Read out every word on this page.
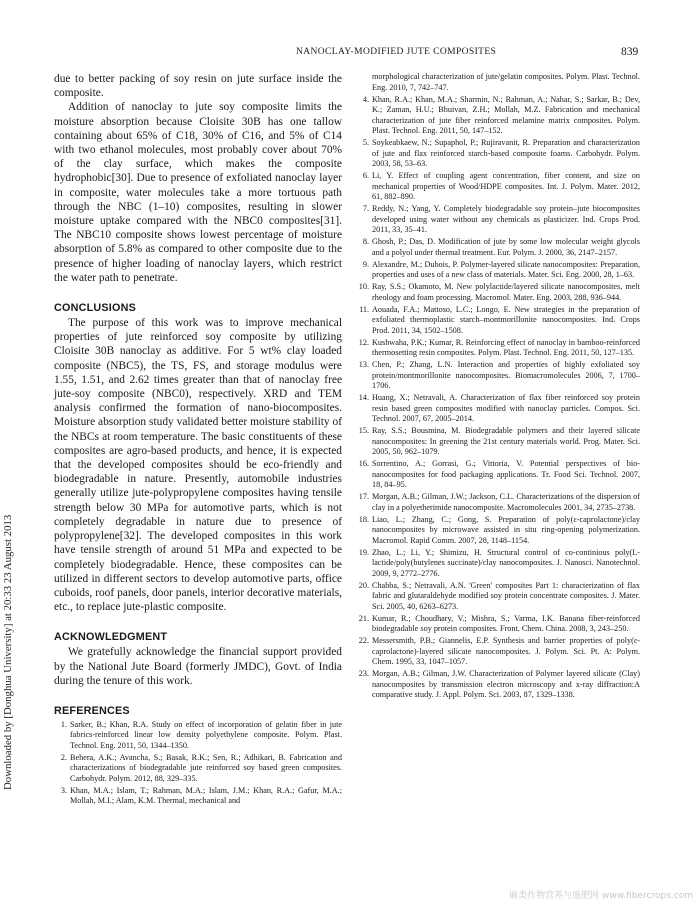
NANOCLAY-MODIFIED JUTE COMPOSITES	839
Downloaded by [Donghua University] at 20:33 23 August 2013

due to better packing of soy resin on jute surface inside the composite.

Addition of nanoclay to jute soy composite limits the moisture absorption because Cloisite 30B has one tallow containing about 65% of C18, 30% of C16, and 5% of C14 with two ethanol molecules, most probably cover about 70% of the clay surface, which makes the composite hydrophobic[30]. Due to presence of exfoliated nanoclay layer in composite, water molecules take a more tortuous path through the NBC (1–10) composites, resulting in slower moisture uptake compared with the NBC0 composites[31]. The NBC10 composite shows lowest percentage of moisture absorption of 5.8% as compared to other composite due to the presence of higher loading of nanoclay layers, which restrict the water path to penetrate.

CONCLUSIONS

The purpose of this work was to improve mechanical properties of jute reinforced soy composite by utilizing Cloisite 30B nanoclay as additive. For 5 wt% clay loaded composite (NBC5), the TS, FS, and storage modulus were 1.55, 1.51, and 2.62 times greater than that of nanoclay free jute-soy composite (NBC0), respectively. XRD and TEM analysis confirmed the formation of nano-biocomposites. Moisture absorption study validated better moisture stability of the NBCs at room temperature. The basic constituents of these composites are agro-based products, and hence, it is expected that the developed composites should be eco-friendly and biodegradable in nature. Presently, automobile industries generally utilize jute-polypropylene composites having tensile strength below 30 MPa for automotive parts, which is not completely degradable in nature due to presence of polypropylene[32]. The developed composites in this work have tensile strength of around 51 MPa and expected to be completely biodegradable. Hence, these composites can be utilized in different sectors to develop automotive parts, office cuboids, roof panels, door panels, interior decorative materials, etc., to replace jute-plastic composite.

ACKNOWLEDGMENT

We gratefully acknowledge the financial support provided by the National Jute Board (formerly JMDC), Govt. of India during the tenure of this work.

REFERENCES
1. Sarker, B.; Khan, R.A. Study on effect of incorporation of gelatin fiber in jute fabrics-reinforced linear low density polyethylene composite. Polym. Plast. Technol. Eng. 2011, 50, 1344–1350.
2. Behera, A.K.; Avancha, S.; Basak, R.K.; Sen, R.; Adhikari, B. Fabrication and characterizations of biodegradable jute reinforced soy based green composites. Carbohydr. Polym. 2012, 88, 329–335.
3. Khan, M.A.; Islam, T.; Rahman, M.A.; Islam, J.M.; Khan, R.A.; Gafur, M.A.; Mollah, M.I.; Alam, K.M. Thermal, mechanical and

morphological characterization of jute/gelatin composites. Polym. Plast. Technol. Eng. 2010, 7, 742–747.

4. Khan, R.A.; Khan, M.A.; Sharmin, N.; Rahman, A.; Nahar, S.; Sarkar, B.; Dev, K.; Zaman, H.U.; Bhuivan, Z.H.; Mollah, M.Z. Fabrication and mechanical characterization of jute fiber reinforced melamine matrix composites. Polym. Plast. Technol. Eng. 2011, 50, 147–152.
5. Soykeabkaew, N.; Supaphol, P.; Rujiravanit, R. Preparation and characterization of jute and flax reinforced starch-based composite foams. Carbohydr. Polym. 2003, 58, 53–63.
6. Li, Y. Effect of coupling agent concentration, fiber content, and size on mechanical properties of Wood/HDPE composites. Int. J. Polym. Mater. 2012, 61, 882–890.
7. Reddy, N.; Yang, Y. Completely biodegradable soy protein–jute biocomposites developed using water without any chemicals as plasticizer. Ind. Crops Prod. 2011, 33, 35–41.
8. Ghosh, P.; Das, D. Modification of jute by some low molecular weight glycols and a polyol under thermal treatment. Eur. Polym. J. 2000, 36, 2147–2157.
9. Alexandre, M.; Dubois, P. Polymer-layered silicate nanocomposites: Preparation, properties and uses of a new class of materials. Mater. Sci. Eng. 2000, 28, 1–63.
10. Ray, S.S.; Okamoto, M. New polylactide/layered silicate nanocomposites, melt rheology and foam processing. Macromol. Mater. Eng. 2003, 288, 936–944.
11. Aouada, F.A.; Mattoso, L.C.; Longo, E. New strategies in the preparation of exfoliated thermoplastic starch–montmorillonite nanocomposites. Ind. Crops Prod. 2011, 34, 1502–1508.
12. Kushwaha, P.K.; Kumar, R. Reinforcing effect of nanoclay in bamboo-reinforced thermosetting resin composites. Polym. Plast. Technol. Eng. 2011, 50, 127–135.
13. Chen, P.; Zhang, L.N. Interaction and properties of highly exfoliated soy protein/montmorillonite nanocomposites. Biomacromolecules 2006, 7, 1700–1706.
14. Huang, X.; Netravali, A. Characterization of flax fiber reinforced soy protein resin based green composites modified with nanoclay particles. Compos. Sci. Technol. 2007, 67, 2005–2014.
15. Ray, S.S.; Bousmina, M. Biodegradable polymers and their layered silicate nanocomposites: In greening the 21st century materials world. Prog. Mater. Sci. 2005, 50, 962–1079.
16. Sorrentino, A.; Gorrasi, G.; Vittoria, V. Potential perspectives of bio-nanocomposites for food packaging applications. Tr. Food Sci. Technol. 2007, 18, 84–95.
17. Morgan, A.B.; Gilman, J.W.; Jackson, C.L. Characterizations of the dispersion of clay in a polyetherimide nanocomposite. Macromolecules 2001, 34, 2735–2738.
18. Liao, L.; Zhang, C.; Gong, S. Preparation of poly(ε-caprolactone)/clay nanocomposites by microwave assisted in situ ring-opening polymerization. Macromol. Rapid Comm. 2007, 28, 1148–1154.
19. Zhao, L.; Li, Y.; Shimizu, H. Structural control of co-continious poly(L-lactide/poly(butylenes succinate)/clay nanocomposites. J. Nanosci. Nanotechnol. 2009, 9, 2772–2776.
20. Chabba, S.; Netravali, A.N. 'Green' composites Part 1: characterization of flax fabric and glutaraldehyde modified soy protein concentrate composites. J. Mater. Sci. 2005, 40, 6263–6273.
21. Kumar, R.; Choudhary, V.; Mishra, S.; Varma, I.K. Banana fiber-reinforced biodegradable soy protein composites. Front. Chem. China. 2008, 3, 243–250.
22. Messersmith, P.B.; Giannelis, E.P. Synthesis and barrier properties of poly(ε-caprolactone)-layered silicate nanocomposites. J. Polym. Sci. Pt. A: Polym. Chem. 1995, 33, 1047–1057.
23. Morgan, A.B.; Gilman, J.W. Characterization of Polymer layered silicate (Clay) nanocomposites by transmission electron microscopy and x-ray diffraction:A comparative study. J. Appl. Polym. Sci. 2003, 87, 1329–1338.
麻类作物营养与施肥网 www.fibercrops.com
